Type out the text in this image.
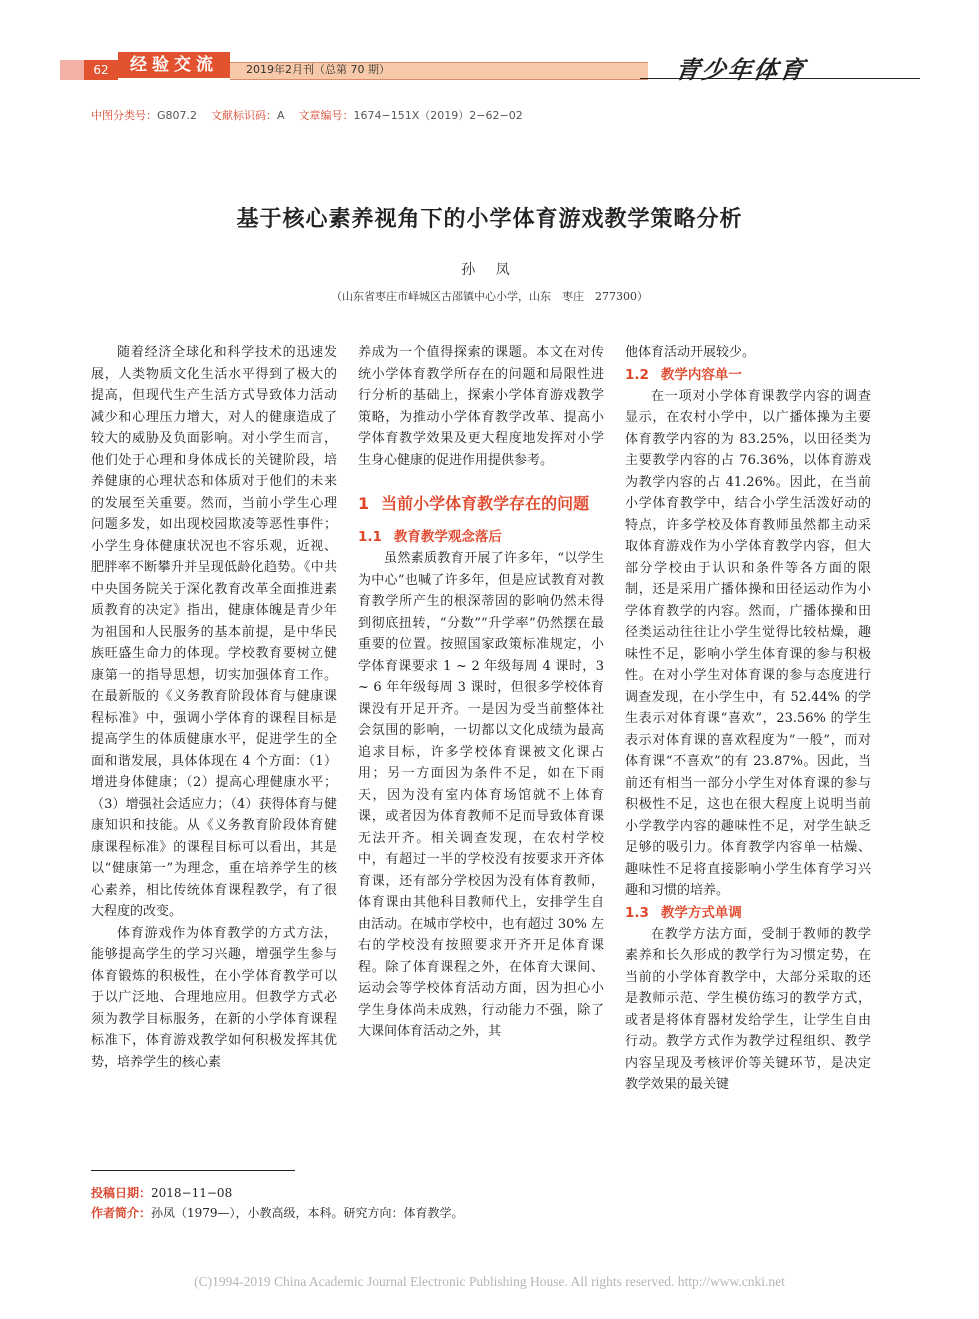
62	经验交流	2019年2月刊（总第 70 期）	青少年体育
中图分类号：G807.2 文献标识码：A 文章编号：1674−151X（2019）2−62−02
基于核心素养视角下的小学体育游戏教学策略分析
孙 凤
（山东省枣庄市峄城区古邵镇中心小学，山东　枣庄　277300）

随着经济全球化和科学技术的迅速发展，人类物质文化生活水平得到了极大的提高，但现代生产生活方式导致体力活动减少和心理压力增大，对人的健康造成了较大的威胁及负面影响。对小学生而言，他们处于心理和身体成长的关键阶段，培养健康的心理状态和体质对于他们的未来的发展至关重要。然而，当前小学生心理问题多发，如出现校园欺凌等恶性事件；小学生身体健康状况也不容乐观，近视、肥胖率不断攀升并呈现低龄化趋势。《中共中央国务院关于深化教育改革全面推进素质教育的决定》指出，健康体魄是青少年为祖国和人民服务的基本前提，是中华民族旺盛生命力的体现。学校教育要树立健康第一的指导思想，切实加强体育工作。在最新版的《义务教育阶段体育与健康课程标准》中，强调小学体育的课程目标是提高学生的体质健康水平，促进学生的全面和谐发展，具体体现在 4 个方面：（1）增进身体健康；（2）提高心理健康水平；（3）增强社会适应力；（4）获得体育与健康知识和技能。从《义务教育阶段体育健康课程标准》的课程目标可以看出，其是以“健康第一”为理念，重在培养学生的核心素养，相比传统体育课程教学，有了很大程度的改变。

体育游戏作为体育教学的方式方法，能够提高学生的学习兴趣，增强学生参与体育锻炼的积极性，在小学体育教学可以于以广泛地、合理地应用。但教学方式必须为教学目标服务，在新的小学体育课程标准下，体育游戏教学如何积极发挥其优势，培养学生的核心素

养成为一个值得探索的课题。本文在对传统小学体育教学所存在的问题和局限性进行分析的基础上，探索小学体育游戏教学策略，为推动小学体育教学改革、提高小学体育教学效果及更大程度地发挥对小学生身心健康的促进作用提供参考。

1 当前小学体育教学存在的问题
1.1 教育教学观念落后

虽然素质教育开展了许多年，“以学生为中心”也喊了许多年，但是应试教育对教育教学所产生的根深蒂固的影响仍然未得到彻底扭转，“分数”“升学率”仍然摆在最重要的位置。按照国家政策标准规定，小学体育课要求 1 ~ 2 年级每周 4 课时，3 ~ 6 年年级每周 3 课时，但很多学校体育课没有开足开齐。一是因为受当前整体社会氛围的影响，一切都以文化成绩为最高追求目标，许多学校体育课被文化课占用；另一方面因为条件不足，如在下雨天，因为没有室内体育场馆就不上体育课，或者因为体育教师不足而导致体育课无法开齐。相关调查发现，在农村学校中，有超过一半的学校没有按要求开齐体育课，还有部分学校因为没有体育教师，体育课由其他科目教师代上，安排学生自由活动。在城市学校中，也有超过 30% 左右的学校没有按照要求开齐开足体育课程。除了体育课程之外，在体育大课间、运动会等学校体育活动方面，因为担心小学生身体尚未成熟，行动能力不强，除了大课间体育活动之外，其

他体育活动开展较少。

1.2 教学内容单一

在一项对小学体育课教学内容的调查显示，在农村小学中，以广播体操为主要体育教学内容的为 83.25%，以田径类为主要教学内容的占 76.36%，以体育游戏为教学内容的占 41.26%。因此，在当前小学体育教学中，结合小学生活泼好动的特点，许多学校及体育教师虽然都主动采取体育游戏作为小学体育教学内容，但大部分学校由于认识和条件等各方面的限制，还是采用广播体操和田径运动作为小学体育教学的内容。然而，广播体操和田径类运动往往让小学生觉得比较枯燥，趣味性不足，影响小学生体育课的参与积极性。在对小学生对体育课的参与态度进行调查发现，在小学生中，有 52.44% 的学生表示对体育课“喜欢”，23.56% 的学生表示对体育课的喜欢程度为“一般”，而对体育课“不喜欢”的有 23.87%。因此，当前还有相当一部分小学生对体育课的参与积极性不足，这也在很大程度上说明当前小学教学内容的趣味性不足，对学生缺乏足够的吸引力。体育教学内容单一枯燥、趣味性不足将直接影响小学生体育学习兴趣和习惯的培养。

1.3 教学方式单调

在教学方法方面，受制于教师的教学素养和长久形成的教学行为习惯定势，在当前的小学体育教学中，大部分采取的还是教师示范、学生模仿练习的教学方式，或者是将体育器材发给学生，让学生自由行动。教学方式作为教学过程组织、教学内容呈现及考核评价等关键环节，是决定教学效果的最关键

投稿日期：2018−11−08
作者简介：孙凤（1979—），小教高级，本科。研究方向：体育教学。
(C)1994-2019 China Academic Journal Electronic Publishing House. All rights reserved. http://www.cnki.net
